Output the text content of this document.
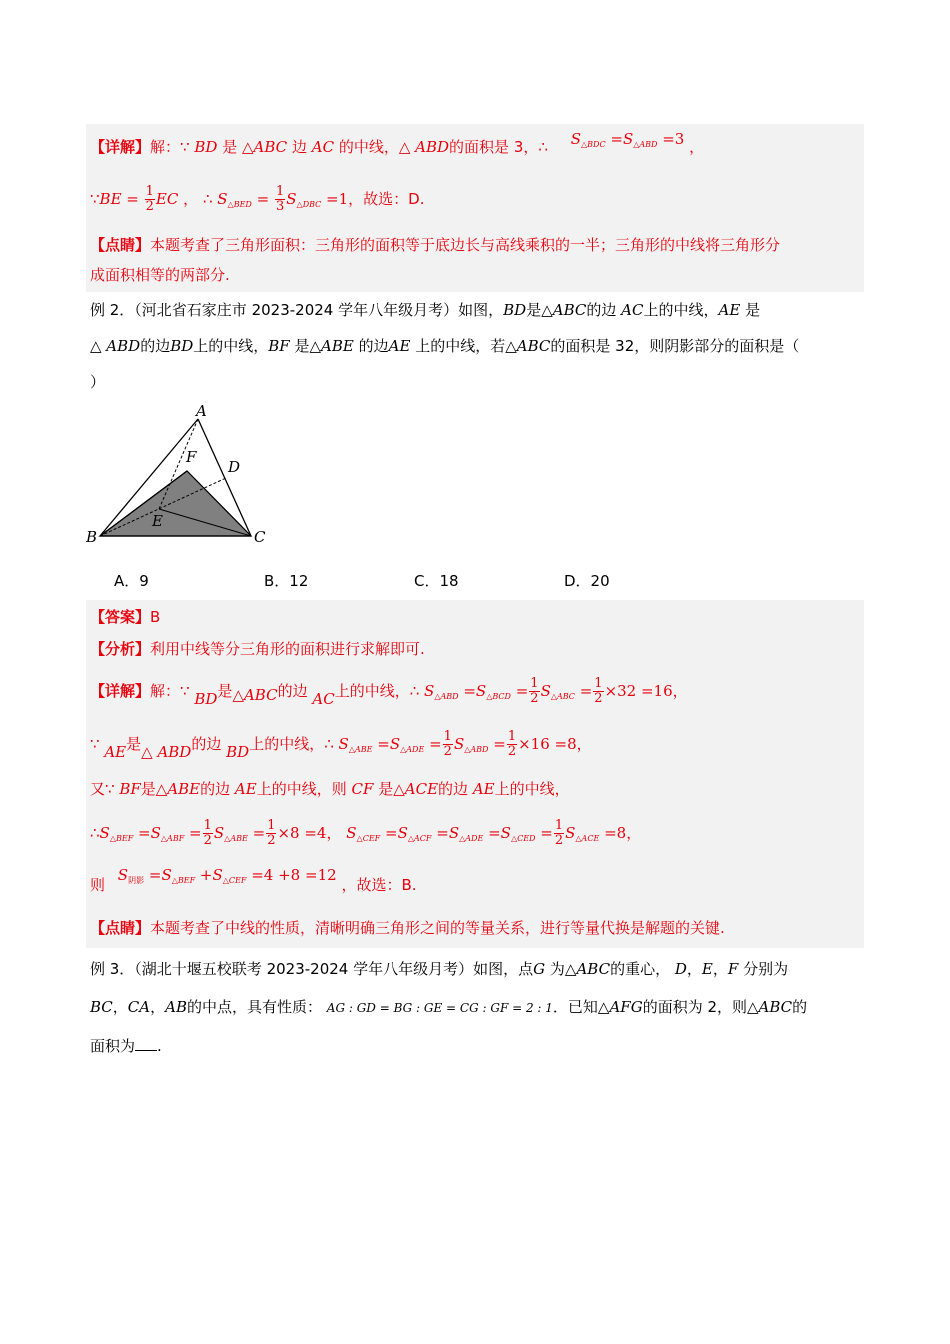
【详解】解：∵ BD 是 △ABC 边 AC 的中线，△ ABD的面积是 3，∴ $S_{\triangle BDC} =S_{\triangle ABD} =3$ ，
∵BE = $\frac{1}{2}$ EC ， ∴ $S_{\triangle BED} = \frac{1}{3} S_{\triangle DBC} =1$，故选：D.
【点睛】本题考查了三角形面积：三角形的面积等于底边长与高线乘积的一半；三角形的中线将三角形分
成面积相等的两部分.
例 2．（河北省石家庄市 2023-2024 学年八年级月考）如图，BD是△ABC的边 AC上的中线，AE 是
△ ABD的边BD上的中线，BF 是△ABE 的边AE 上的中线，若△ABC的面积是 32，则阴影部分的面积是（
）
A
B	C
D
E
F
A．9	B．12	C．18	D．20
【答案】B
【分析】利用中线等分三角形的面积进行求解即可.
【详解】解：∵ BD是△ABC的边 AC上的中线，∴ $S_{\triangle ABD} =S_{\triangle BCD} = \frac{1}{2} S_{\triangle ABC} = \frac{1}{2} \times 32 =16$，
∵ AE是△ ABD的边 BD上的中线，∴ $S_{\triangle ABE} =S_{\triangle ADE} = \frac{1}{2} S_{\triangle ABD} = \frac{1}{2} \times 16 =8$，
又∵ BF是△ABE的边 AE上的中线，则 CF 是△ACE的边 AE上的中线，
$\therefore S_{\triangle BEF} =S_{\triangle ABF} = \frac{1}{2} S_{\triangle ABE} = \frac{1}{2} \times 8 =4$， $S_{\triangle CEF} =S_{\triangle ACF} =S_{\triangle ADE} =S_{\triangle CED} = \frac{1}{2} S_{\triangle ACE} =8$，
则 $S_{阴影} =S_{\triangle BEF} +S_{\triangle CEF} =4 +8 =12$ ，故选：B.
【点睛】本题考查了中线的性质，清晰明确三角形之间的等量关系，进行等量代换是解题的关键.
例 3．（湖北十堰五校联考 2023-2024 学年八年级月考）如图，点G 为△ABC的重心， D，E，F 分别为
BC，CA，AB的中点，具有性质： AG : GD = BG : GE = CG : GF = 2 : 1．已知△AFG的面积为 2，则△ABC的
面积为 .
